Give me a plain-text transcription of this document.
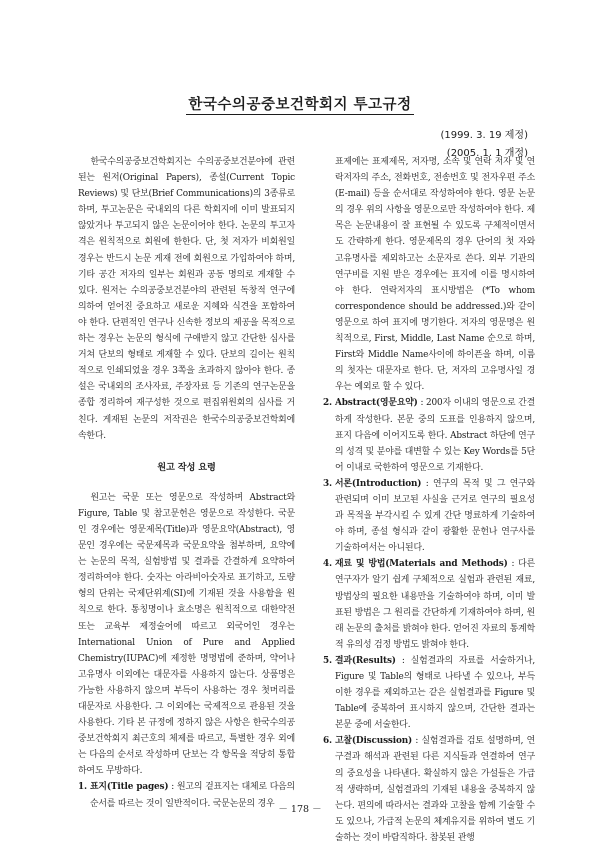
한국수의공중보건학회지 투고규정
(1999. 3. 19 제정)
(2005. 1. 1 개정)

한국수의공중보건학회지는 수의공중보건분야에 관련된는 원저(Original Papers), 종설(Current Topic Reviews) 및 단보(Brief Communications)의 3종류로 하며, 투고논문은 국내외의 다른 학회지에 이미 발표되지 않았거나 투고되지 않은 논문이어야 한다. 논문의 투고자격은 원칙적으로 회원에 한한다. 단, 첫 저자가 비회원일 경우는 반드시 논문 게재 전에 회원으로 가입하여야 하며, 기타 공간 저자의 일부는 회원과 공동 명의로 게재할 수 있다. 원저는 수의공중보건분야의 관련된 독창적 연구에 의하여 얻어진 중요하고 새로운 지혜와 식견을 포함하여야 한다. 단편적인 연구나 신속한 정보의 제공을 목적으로 하는 경우는 논문의 형식에 구애받지 않고 간단한 심사를 거쳐 단보의 형태로 게재할 수 있다. 단보의 길이는 원칙적으로 인쇄되었을 경우 3쪽을 초과하지 않아야 한다. 종설은 국내외의 조사자료, 주장자료 등 기존의 연구논문을 종합 정리하여 재구성한 것으로 편집위원회의 심사를 거친다. 게재된 논문의 저작권은 한국수의공중보건학회에 속한다.

원고 작성 요령

원고는 국문 또는 영문으로 작성하며 Abstract와 Figure, Table 및 참고문헌은 영문으로 작성한다. 국문인 경우에는 영문제목(Title)과 영문요약(Abstract), 영문인 경우에는 국문제목과 국문요약을 첨부하며, 요약에는 논문의 목적, 실험방법 및 결과를 간결하게 요약하여 정리하여야 한다. 숫자는 아라비아숫자로 표기하고, 도량형의 단위는 국제단위계(SI)에 기재된 것을 사용함을 원칙으로 한다. 통칭명이나 효소명은 원칙적으로 대한약전 또는 교육부 제정술어에 따르고 외국어인 경우는 International Union of Pure and Applied Chemistry(IUPAC)에 제정한 명명법에 준하며, 약어나 고유명사 이외에는 대문자를 사용하지 않는다. 상품명은 가능한 사용하지 않으며 부득이 사용하는 경우 첫머리를 대문자로 사용한다. 그 이외에는 국제적으로 관용된 것을 사용한다. 기타 본 규정에 정하지 않은 사항은 한국수의공중보건학회지 최근호의 체제를 따르고, 특별한 경우 외에는 다음의 순서로 작성하며 단보는 각 항목을 적당히 통합하여도 무방하다.

1. 표지(Title pages) : 원고의 겉표지는 대체로 다음의 순서를 따르는 것이 일반적이다. 국문논문의 경우
표제에는 표제제목, 저자명, 소속 및 연락 저자 및 연락저자의 주소, 전화번호, 전송번호 및 전자우편 주소(E-mail) 등을 순서대로 작성하여야 한다. 영문 논문의 경우 위의 사항을 영문으로만 작성하여야 한다. 제목은 논문내용이 잘 표현될 수 있도록 구체적이면서도 간략하게 한다. 영문제목의 경우 단어의 첫 자와 고유명사를 제외하고는 소문자로 쓴다. 외부 기관의 연구비를 지원 받은 경우에는 표지에 이를 명시하여야 한다. 연락저자의 표시방법은 (*To whom correspondence should be addressed.)와 같이 영문으로 하여 표지에 명기한다. 저자의 영문명은 원칙적으로, First, Middle, Last Name 순으로 하며, First와 Middle Name사이에 하이픈을 하며, 이름의 첫자는 대문자로 한다. 단, 저자의 고유명사일 경우는 예외로 할 수 있다.
2. Abstract(영문요약) : 200자 이내의 영문으로 간결하게 작성한다. 본문 중의 도표를 인용하지 않으며, 표지 다음에 이어지도록 한다. Abstract 하단에 연구의 성격 및 분야를 대변할 수 있는 Key Words를 5단어 이내로 국한하여 영문으로 기재한다.
3. 서론(Introduction) : 연구의 목적 및 그 연구와 관련되며 이미 보고된 사실을 근거로 연구의 필요성과 목적을 부각시킬 수 있게 간단 명료하게 기술하여야 하며, 종설 형식과 같이 광활한 문헌나 연구사를 기술하여서는 아니된다.
4. 재료 및 방법(Materials and Methods) : 다른 연구자가 알기 쉽게 구체적으로 실험과 관련된 재료, 방법상의 필요한 내용만을 기술하여야 하며, 이미 발표된 방법은 그 원리를 간단하게 기재하여야 하며, 원래 논문의 출처를 밝혀야 한다. 얻어진 자료의 통계학적 유의성 검정 방법도 밝혀야 한다.
5. 결과(Results) : 실험결과의 자료를 서술하거나, Figure 및 Table의 형태로 나타낼 수 있으나, 부득이한 경우를 제외하고는 같은 실험결과를 Figure 및 Table에 중복하여 표시하지 않으며, 간단한 결과는 본문 중에 서술한다.
6. 고찰(Discussion) : 실험결과를 검토 설명하며, 연구결과 해석과 관련된 다른 지식들과 연결하여 연구의 중요성을 나타낸다. 확실하지 않은 가설들은 가급적 생략하며, 실험결과의 기재된 내용을 중복하지 않는다. 편의에 따라서는 결과와 고찰을 함께 기술할 수도 있으나, 가급적 논문의 체계유지를 위하여 별도 기술하는 것이 바람직하다. 참봇된 관행
－ 178 －
